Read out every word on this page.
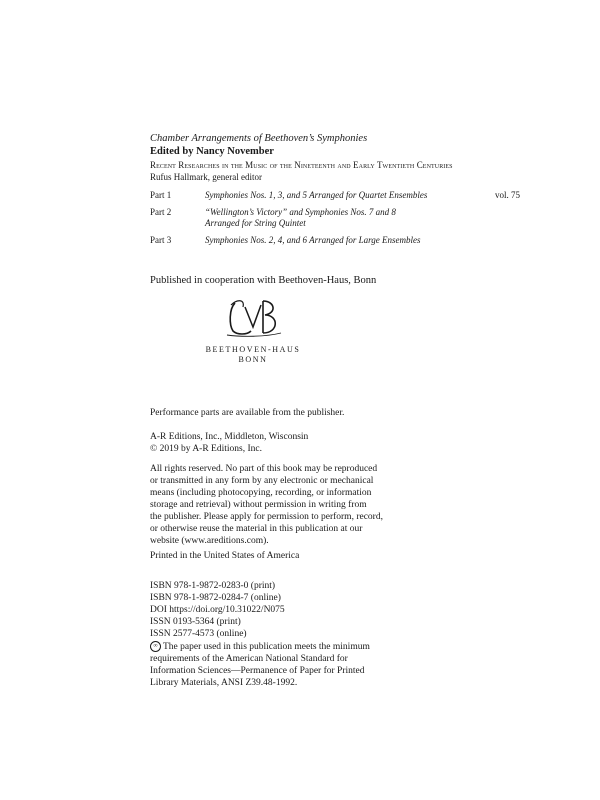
Chamber Arrangements of Beethoven’s Symphonies
Edited by Nancy November
Recent Researches in the Music of the Nineteenth and Early Twentieth Centuries
Rufus Hallmark, general editor
Part 1	Symphonies Nos. 1, 3, and 5 Arranged for Quartet Ensembles	vol. 75
Part 2	“Wellington’s Victory” and Symphonies Nos. 7 and 8
Arranged for String Quintet
Part 3	Symphonies Nos. 2, 4, and 6 Arranged for Large Ensembles
Published in cooperation with Beethoven-Haus, Bonn
BEETHOVEN-HAUS
BONN
Performance parts are available from the publisher.
A-R Editions, Inc., Middleton, Wisconsin
© 2019 by A-R Editions, Inc.
All rights reserved. No part of this book may be reproduced
or transmitted in any form by any electronic or mechanical
means (including photocopying, recording, or information
storage and retrieval) without permission in writing from
the publisher. Please apply for permission to perform, record,
or otherwise reuse the material in this publication at our
website (www.areditions.com).
Printed in the United States of America
ISBN 978-1-9872-0283-0 (print)
ISBN 978-1-9872-0284-7 (online)
DOI https://doi.org/10.31022/N075
ISSN 0193-5364 (print)
ISSN 2577-4573 (online)
∞ The paper used in this publication meets the minimum
requirements of the American National Standard for
Information Sciences—Permanence of Paper for Printed
Library Materials, ANSI Z39.48-1992.
